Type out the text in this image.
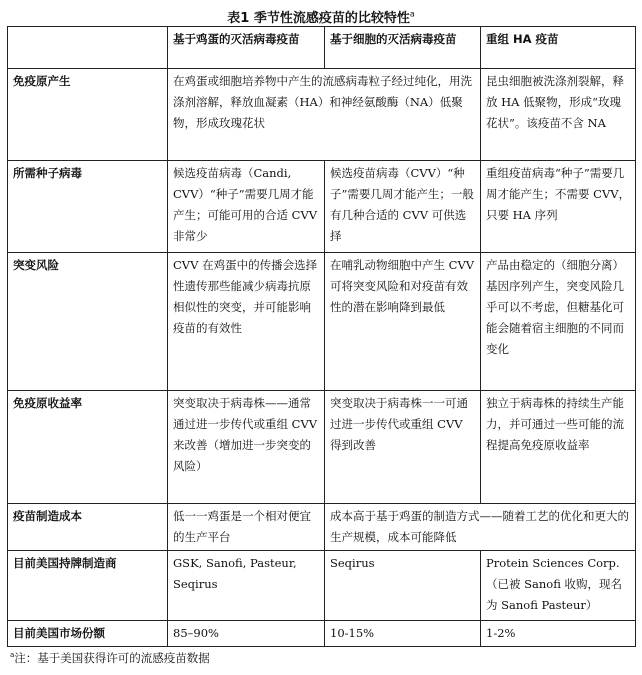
表1 季节性流感疫苗的比较特性$^a$
	基于鸡蛋的灭活病毒疫苗	基于细胞的灭活病毒疫苗	重组 HA 疫苗
免疫原产生	在鸡蛋或细胞培养物中产生的流感病毒粒子经过纯化，用洗涤剂溶解，释放血凝素（HA）和神经氨酸酶（NA）低聚物，形成玫瑰花状		昆虫细胞被洗涤剂裂解，释放 HA 低聚物，形成“玫瑰花状”。该疫苗不含 NA
所需种子病毒	候选疫苗病毒（Candi, CVV）“种子”需要几周才能产生；可能可用的合适 CVV 非常少	候选疫苗病毒（CVV）“种子”需要几周才能产生；一般有几种合适的 CVV 可供选择	重组疫苗病毒“种子”需要几周才能产生；不需要 CVV，只要 HA 序列
突变风险	CVV 在鸡蛋中的传播会选择性遗传那些能减少病毒抗原相似性的突变，并可能影响疫苗的有效性	在哺乳动物细胞中产生 CVV 可将突变风险和对疫苗有效性的潜在影响降到最低	产品由稳定的（细胞分离）基因序列产生，突变风险几乎可以不考虑，但糖基化可能会随着宿主细胞的不同而变化
免疫原收益率	突变取决于病毒株——通常通过进一步传代或重组 CVV 来改善（增加进一步突变的风险）	突变取决于病毒株一一可通过进一步传代或重组 CVV 得到改善	独立于病毒株的持续生产能力，并可通过一些可能的流程提高免疫原收益率
疫苗制造成本	低一一鸡蛋是一个相对便宜的生产平台	成本高于基于鸡蛋的制造方式——随着工艺的优化和更大的生产规模，成本可能降低	
目前美国持牌制造商	GSK, Sanofi, Pasteur, Seqirus	Seqirus	Protein Sciences Corp.（已被 Sanofi 收购，现名为 Sanofi Pasteur）
目前美国市场份额	85–90%	10-15%	1-2%
$^a$注：基于美国获得许可的流感疫苗数据
